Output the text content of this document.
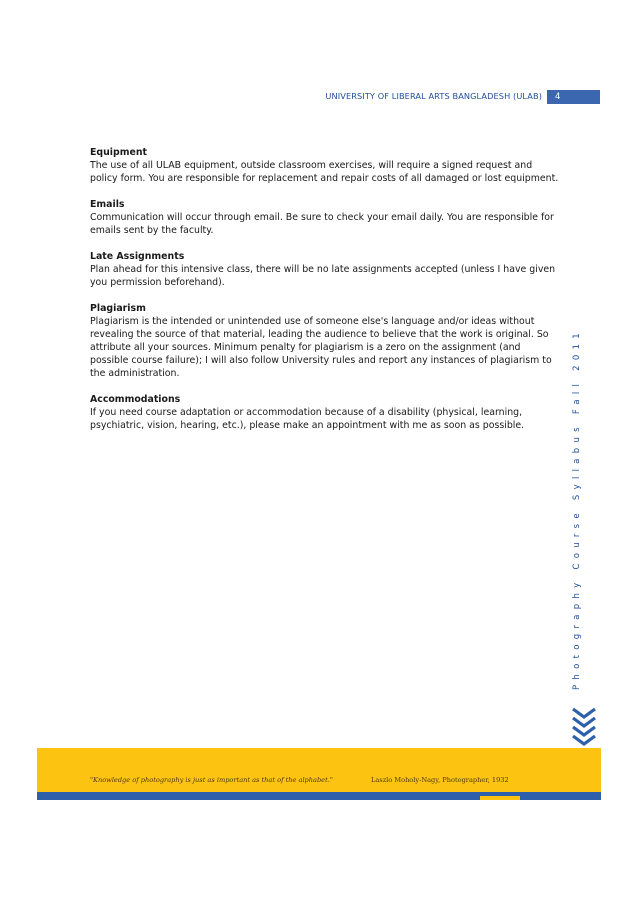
UNIVERSITY OF LIBERAL ARTS BANGLADESH (ULAB)	4
Equipment
The use of all ULAB equipment, outside classroom exercises, will require a signed request and policy form. You are responsible for replacement and repair costs of all damaged or lost equipment.
Emails
Communication will occur through email. Be sure to check your email daily. You are responsible for emails sent by the faculty.
Late Assignments
Plan ahead for this intensive class, there will be no late assignments accepted (unless I have given you permission beforehand).
Plagiarism
Plagiarism is the intended or unintended use of someone else's language and/or ideas without revealing the source of that material, leading the audience to believe that the work is original. So attribute all your sources. Minimum penalty for plagiarism is a zero on the assignment (and possible course failure); I will also follow University rules and report any instances of plagiarism to the administration.
Accommodations
If you need course adaptation or accommodation because of a disability (physical, learning, psychiatric, vision, hearing, etc.), please make an appointment with me as soon as possible.	Photography Course Syllabus Fall 2011
"Knowledge of photography is just as important as that of the alphabet."	Laszlo Moholy-Nagy, Photographer, 1932
